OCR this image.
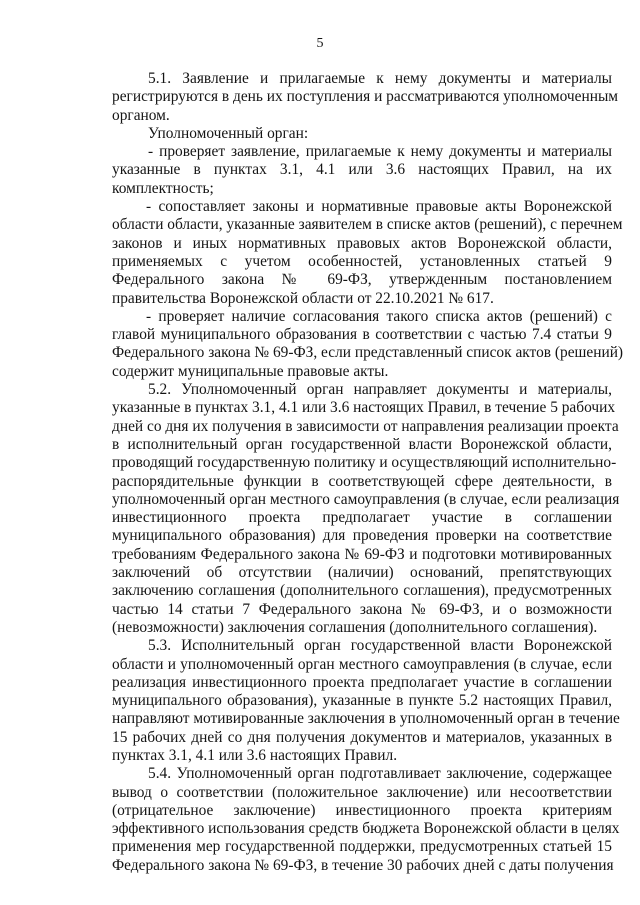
5
5.1. Заявление и прилагаемые к нему документы и материалы
регистрируются в день их поступления и рассматриваются уполномоченным
органом.
Уполномоченный орган:
- проверяет заявление, прилагаемые к нему документы и материалы
указанные в пунктах 3.1, 4.1 или 3.6 настоящих Правил, на их
комплектность;
- сопоставляет законы и нормативные правовые акты Воронежской
области области, указанные заявителем в списке актов (решений), с перечнем
законов и иных нормативных правовых актов Воронежской области,
применяемых с учетом особенностей, установленных статьей 9
Федерального закона № 69-ФЗ, утвержденным постановлением
правительства Воронежской области от 22.10.2021 № 617.
- проверяет наличие согласования такого списка актов (решений) с
главой муниципального образования в соответствии с частью 7.4 статьи 9
Федерального закона № 69-ФЗ, если представленный список актов (решений)
содержит муниципальные правовые акты.
5.2. Уполномоченный орган направляет документы и материалы,
указанные в пунктах 3.1, 4.1 или 3.6 настоящих Правил, в течение 5 рабочих
дней со дня их получения в зависимости от направления реализации проекта
в исполнительный орган государственной власти Воронежской области,
проводящий государственную политику и осуществляющий исполнительно-
распорядительные функции в соответствующей сфере деятельности, в
уполномоченный орган местного самоуправления (в случае, если реализация
инвестиционного проекта предполагает участие в соглашении
муниципального образования) для проведения проверки на соответствие
требованиям Федерального закона № 69-ФЗ и подготовки мотивированных
заключений об отсутствии (наличии) оснований, препятствующих
заключению соглашения (дополнительного соглашения), предусмотренных
частью 14 статьи 7 Федерального закона № 69-ФЗ, и о возможности
(невозможности) заключения соглашения (дополнительного соглашения).
5.3. Исполнительный орган государственной власти Воронежской
области и уполномоченный орган местного самоуправления (в случае, если
реализация инвестиционного проекта предполагает участие в соглашении
муниципального образования), указанные в пункте 5.2 настоящих Правил,
направляют мотивированные заключения в уполномоченный орган в течение
15 рабочих дней со дня получения документов и материалов, указанных в
пунктах 3.1, 4.1 или 3.6 настоящих Правил.
5.4. Уполномоченный орган подготавливает заключение, содержащее
вывод о соответствии (положительное заключение) или несоответствии
(отрицательное заключение) инвестиционного проекта критериям
эффективного использования средств бюджета Воронежской области в целях
применения мер государственной поддержки, предусмотренных статьей 15
Федерального закона № 69-ФЗ, в течение 30 рабочих дней с даты получения
